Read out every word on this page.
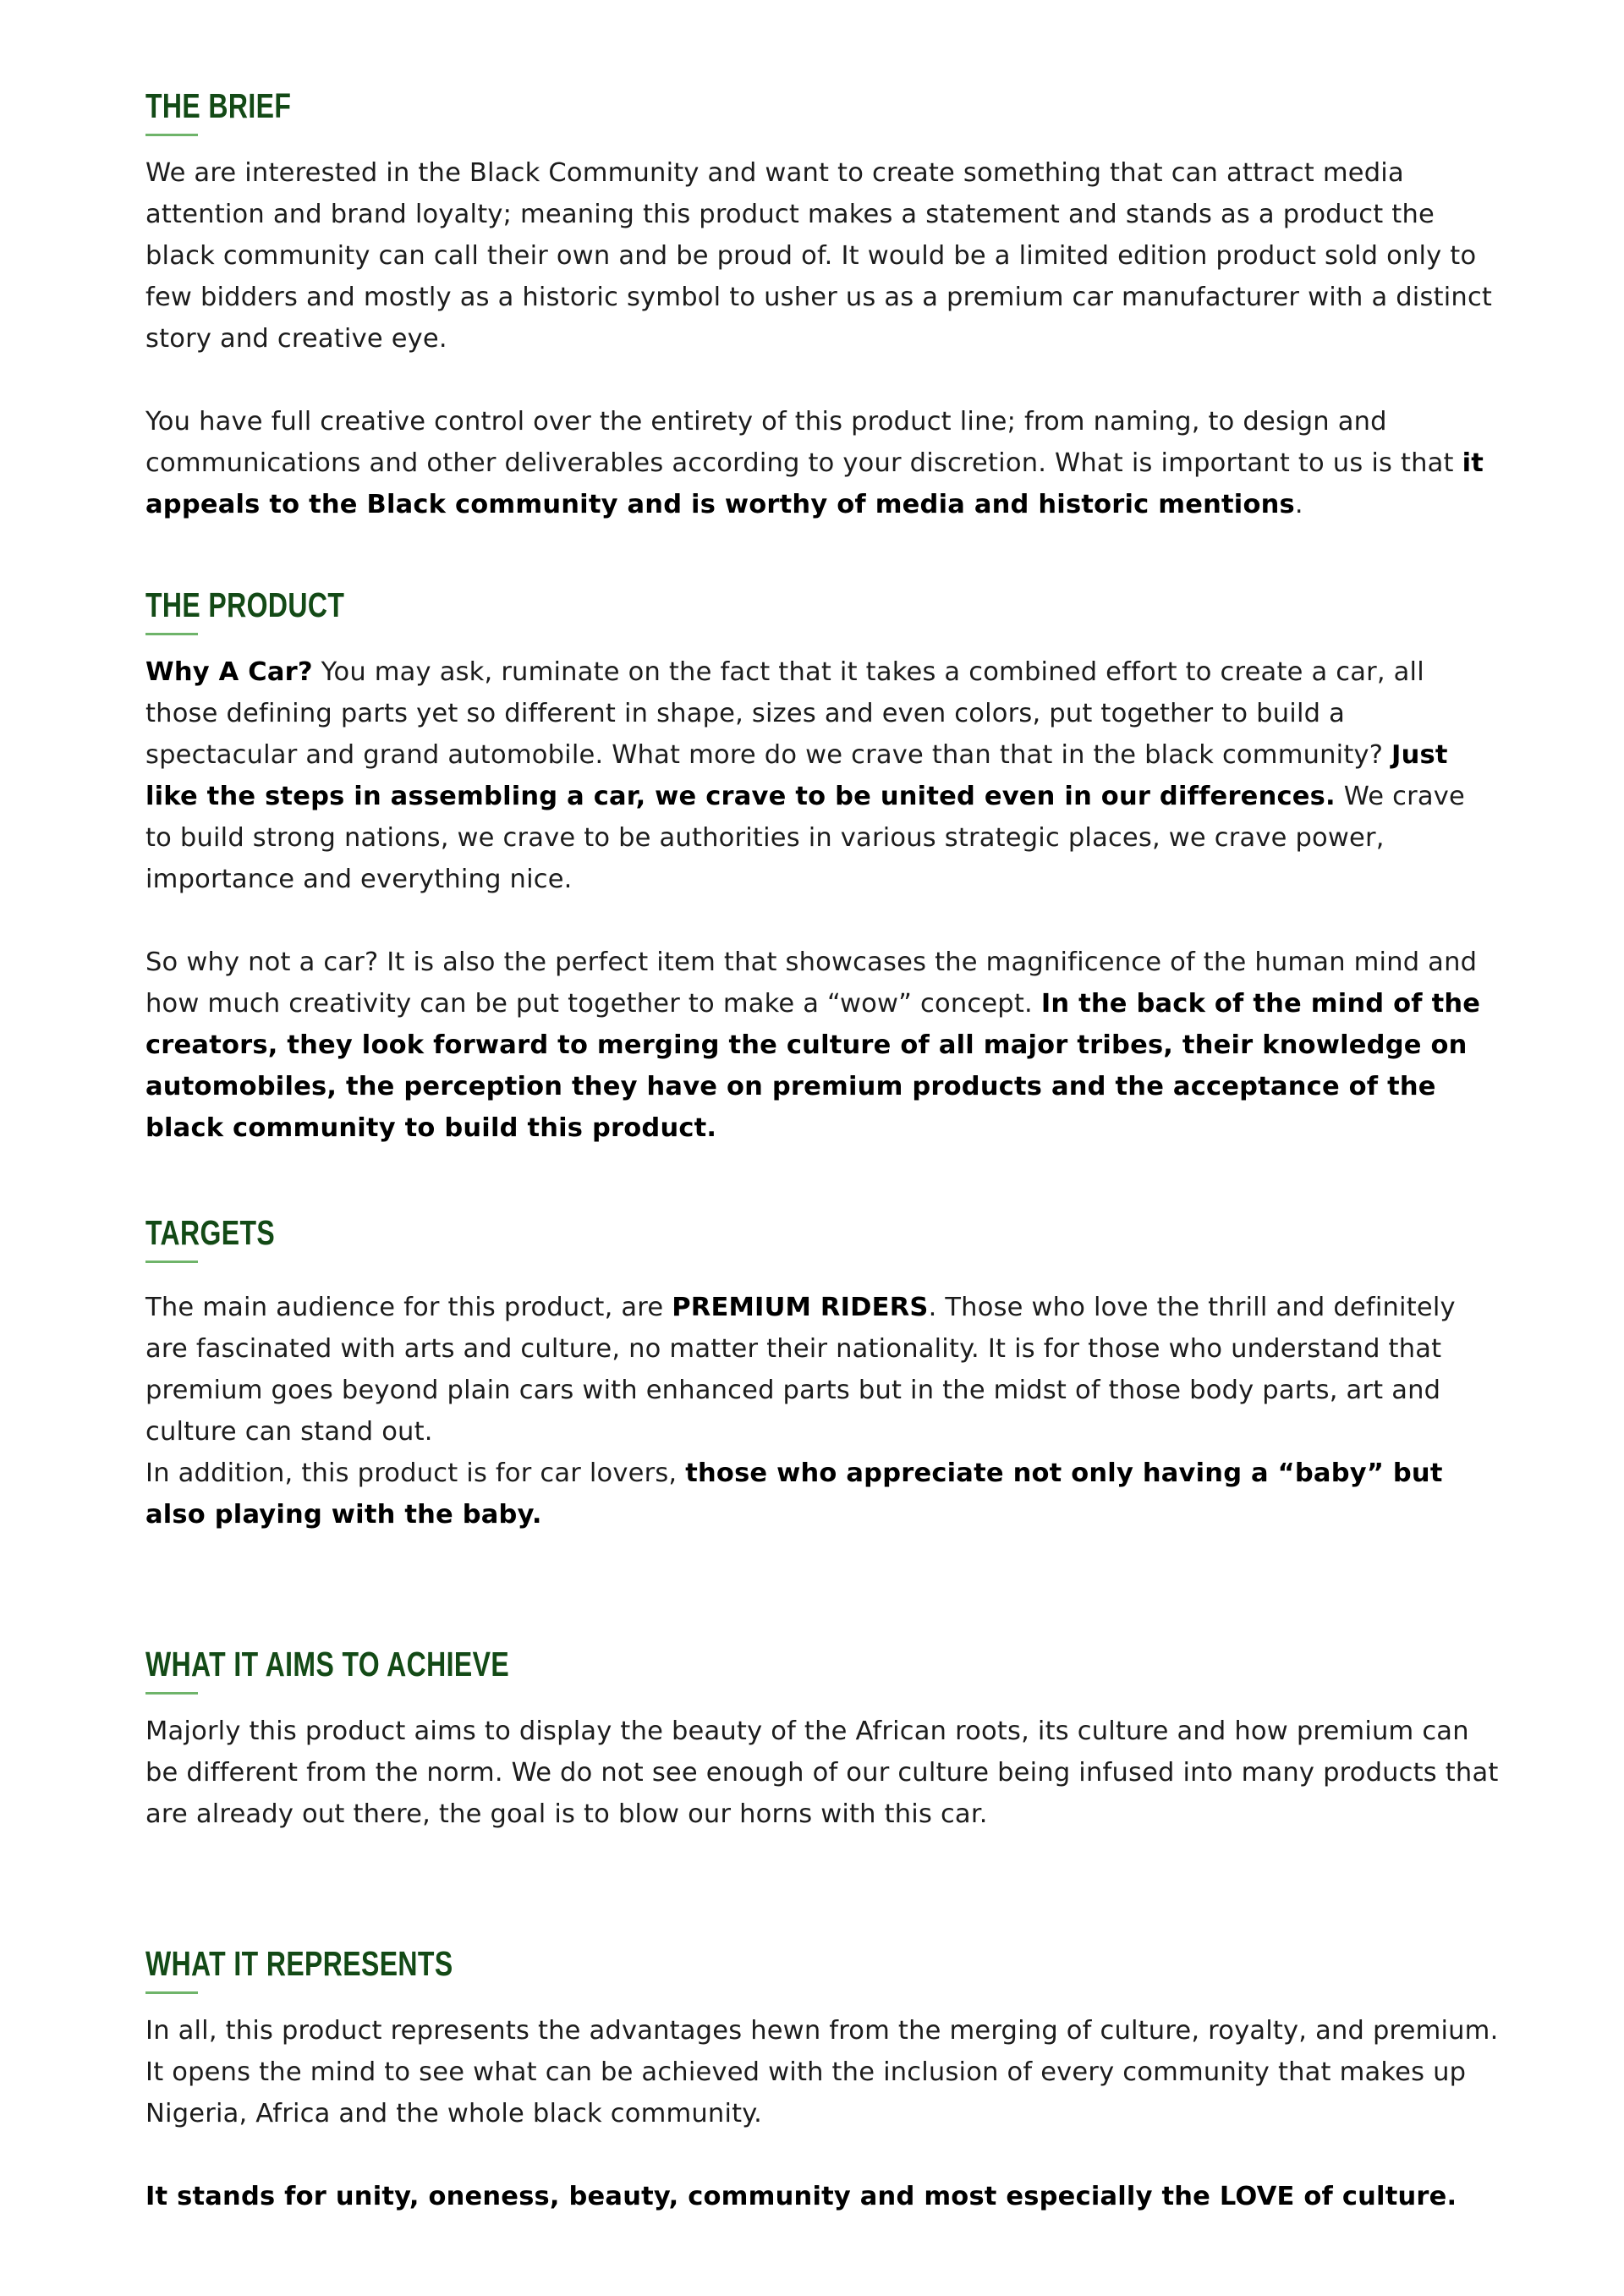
THE BRIEF

We are interested in the Black Community and want to create something that can attract media attention and brand loyalty; meaning this product makes a statement and stands as a product the black community can call their own and be proud of. It would be a limited edition product sold only to few bidders and mostly as a historic symbol to usher us as a premium car manufacturer with a distinct story and creative eye.

You have full creative control over the entirety of this product line; from naming, to design and communications and other deliverables according to your discretion. What is important to us is that it appeals to the Black community and is worthy of media and historic mentions.

THE PRODUCT

Why A Car? You may ask, ruminate on the fact that it takes a combined effort to create a car, all those defining parts yet so different in shape, sizes and even colors, put together to build a spectacular and grand automobile. What more do we crave than that in the black community? Just like the steps in assembling a car, we crave to be united even in our differences. We crave to build strong nations, we crave to be authorities in various strategic places, we crave power, importance and everything nice.

So why not a car? It is also the perfect item that showcases the magnificence of the human mind and how much creativity can be put together to make a “wow” concept. In the back of the mind of the creators, they look forward to merging the culture of all major tribes, their knowledge on automobiles, the perception they have on premium products and the acceptance of the black community to build this product.

TARGETS

The main audience for this product, are PREMIUM RIDERS. Those who love the thrill and definitely are fascinated with arts and culture, no matter their nationality. It is for those who understand that premium goes beyond plain cars with enhanced parts but in the midst of those body parts, art and culture can stand out.

In addition, this product is for car lovers, those who appreciate not only having a “baby” but also playing with the baby.

WHAT IT AIMS TO ACHIEVE

Majorly this product aims to display the beauty of the African roots, its culture and how premium can be different from the norm. We do not see enough of our culture being infused into many products that are already out there, the goal is to blow our horns with this car.

WHAT IT REPRESENTS

In all, this product represents the advantages hewn from the merging of culture, royalty, and premium. It opens the mind to see what can be achieved with the inclusion of every community that makes up Nigeria, Africa and the whole black community.

It stands for unity, oneness, beauty, community and most especially the LOVE of culture.
